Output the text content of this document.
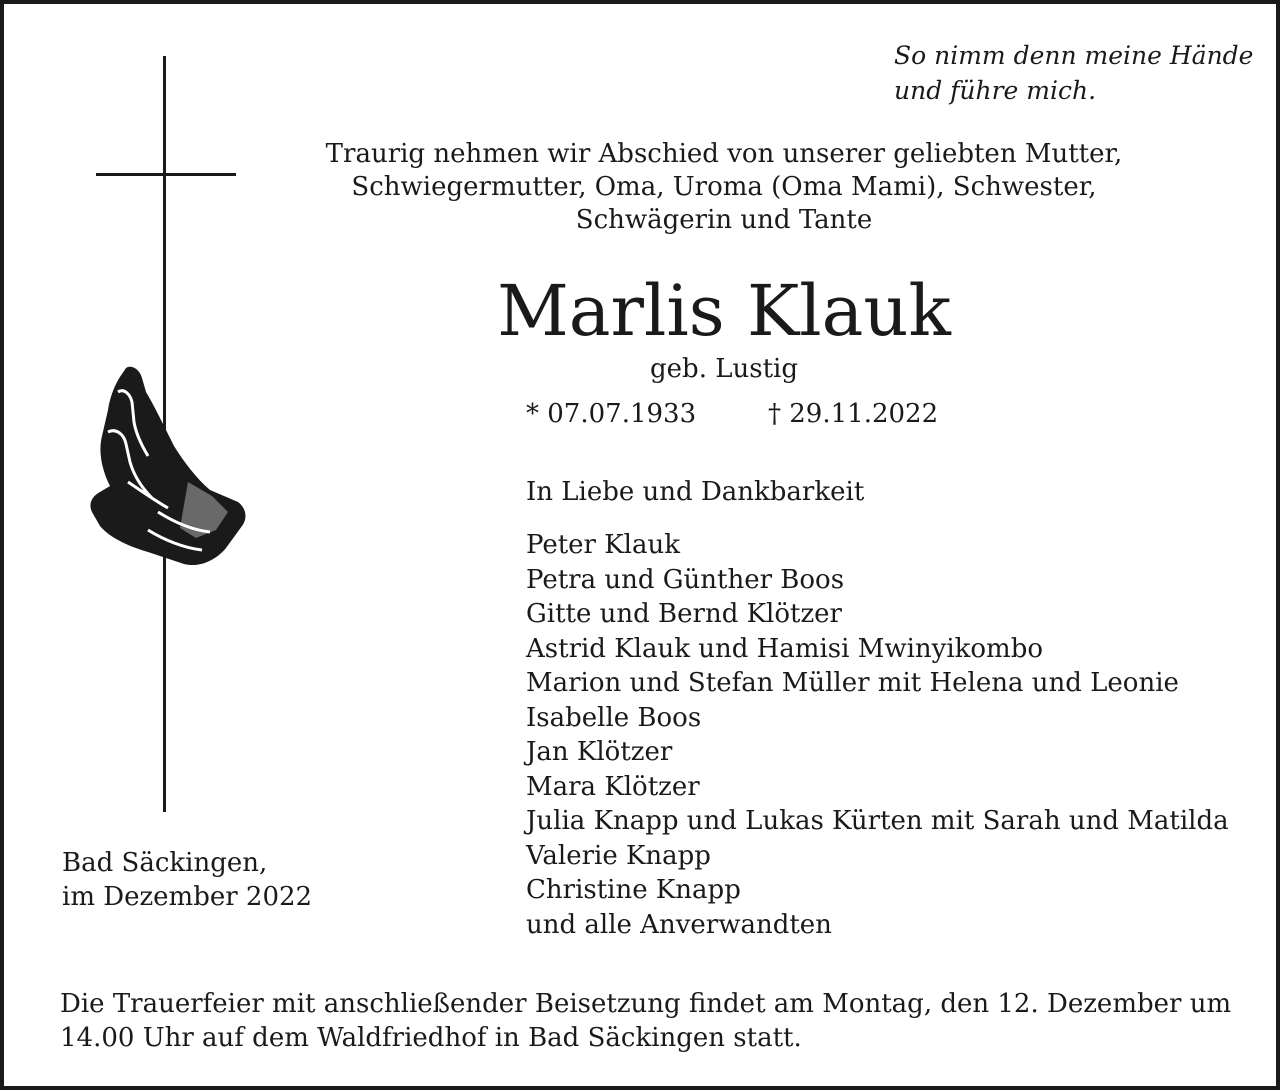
So nimm denn meine Hände
und führe mich.
Traurig nehmen wir Abschied von unserer geliebten Mutter,
Schwiegermutter, Oma, Uroma (Oma Mami), Schwester,
Schwägerin und Tante
Marlis Klauk
geb. Lustig
* 07.07.1933	† 29.11.2022
In Liebe und Dankbarkeit
Peter Klauk
Petra und Günther Boos
Gitte und Bernd Klötzer
Astrid Klauk und Hamisi Mwinyikombo
Marion und Stefan Müller mit Helena und Leonie
Isabelle Boos
Jan Klötzer
Mara Klötzer
Julia Knapp und Lukas Kürten mit Sarah und Matilda
Valerie Knapp
Christine Knapp
und alle Anverwandten
Bad Säckingen,
im Dezember 2022
Die Trauerfeier mit anschließender Beisetzung findet am Montag, den 12. Dezember um
14.00 Uhr auf dem Waldfriedhof in Bad Säckingen statt.
